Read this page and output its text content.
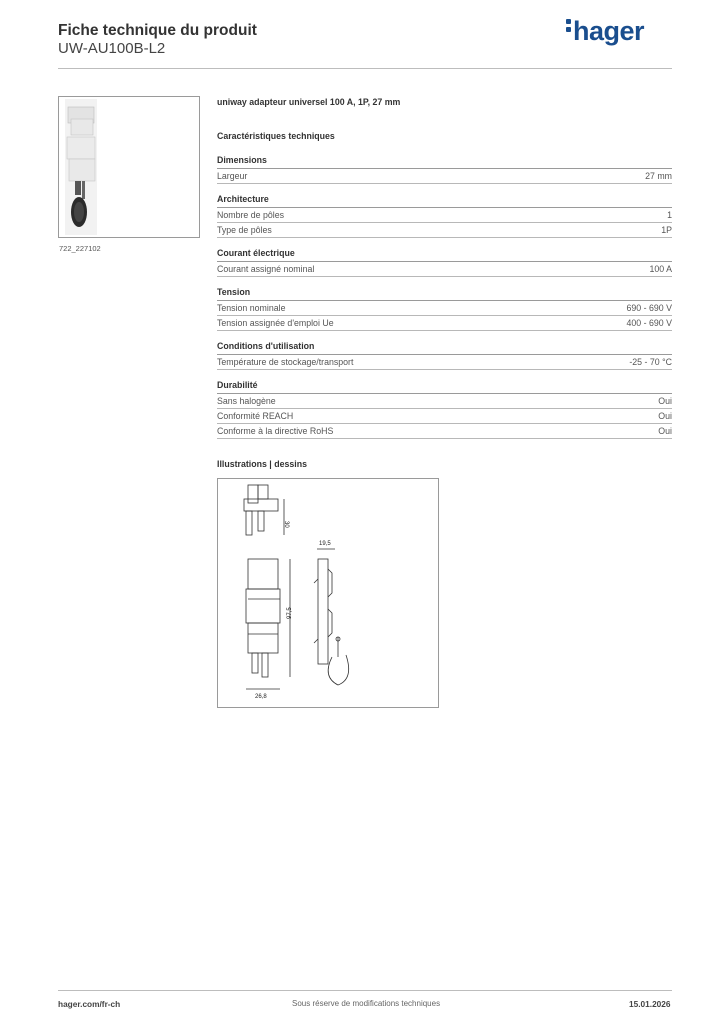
Fiche technique du produit
UW-AU100B-L2
hager
722_227102
uniway adapteur universel 100 A, 1P, 27 mm
Caractéristiques techniques
Dimensions
Largeur	27 mm
Architecture
Nombre de pôles	1
Type de pôles	1P
Courant électrique
Courant assigné nominal	100 A
Tension
Tension nominale	690 - 690 V
Tension assignée d'emploi Ue	400 - 690 V
Conditions d'utilisation
Température de stockage/transport	-25 - 70 °C
Durabilité
Sans halogène	Oui
Conformité REACH	Oui
Conforme à la directive RoHS	Oui
Illustrations | dessins
30
19,5
97,5
26,8
hager.com/fr-ch	Sous réserve de modifications techniques	15.01.2026
